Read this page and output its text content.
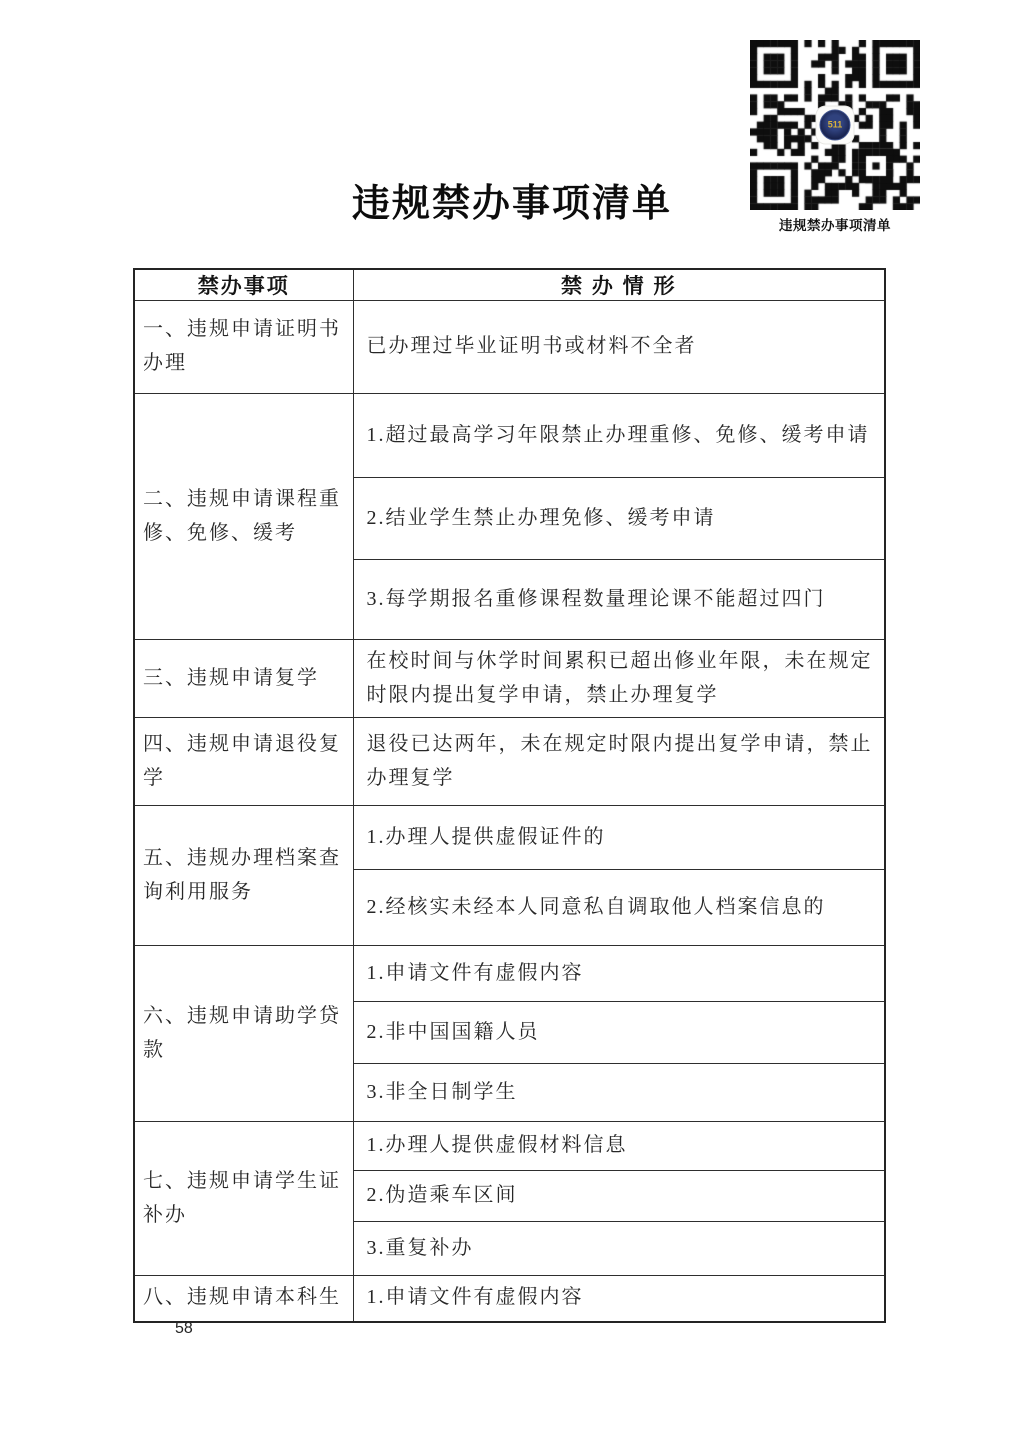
违规禁办事项清单
511
违规禁办事项清单
禁办事项	禁 办 情 形
一、违规申请证明书办理	已办理过毕业证明书或材料不全者
二、违规申请课程重修、免修、缓考	1.超过最高学习年限禁止办理重修、免修、缓考申请
	2.结业学生禁止办理免修、缓考申请
	3.每学期报名重修课程数量理论课不能超过四门
三、违规申请复学	在校时间与休学时间累积已超出修业年限，未在规定时限内提出复学申请，禁止办理复学
四、违规申请退役复学	退役已达两年，未在规定时限内提出复学申请，禁止办理复学
五、违规办理档案查询利用服务	1.办理人提供虚假证件的
	2.经核实未经本人同意私自调取他人档案信息的
六、违规申请助学贷款	1.申请文件有虚假内容
	2.非中国国籍人员
	3.非全日制学生
七、违规申请学生证补办	1.办理人提供虚假材料信息
	2.伪造乘车区间
	3.重复补办
八、违规申请本科生	1.申请文件有虚假内容
58
